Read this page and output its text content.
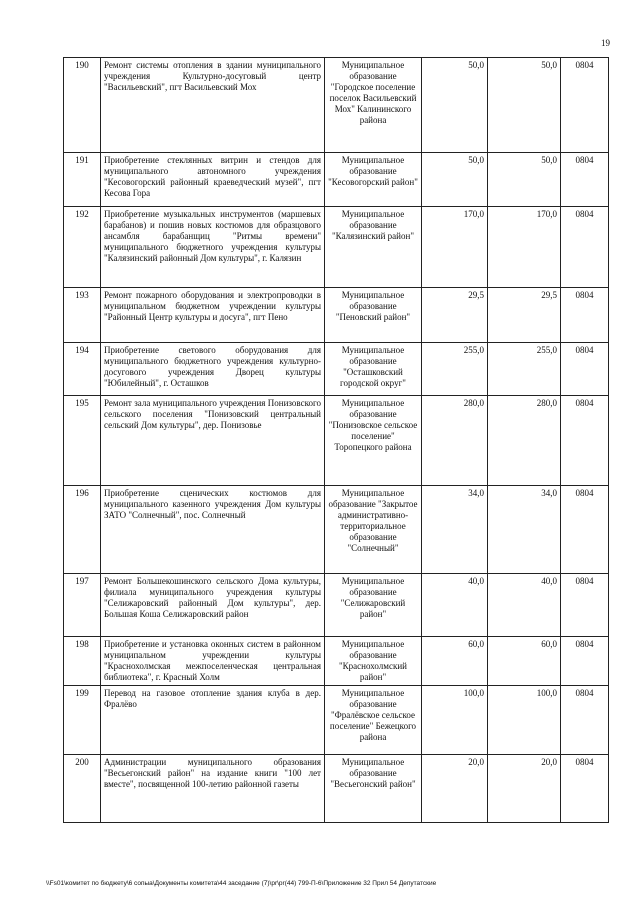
19
190	Ремонт системы отопления в здании муниципального учреждения Культурно-досуговый центр "Васильевский", пгт Васильевский Мох	Муниципальное образование "Городское поселение поселок Васильевский Мох" Калининского района	50,0	50,0	0804
191	Приобретение стеклянных витрин и стендов для муниципального автономного учреждения "Кесовогорский районный краеведческий музей", пгт Кесова Гора	Муниципальное образование "Кесовогорский район"	50,0	50,0	0804
192	Приобретение музыкальных инструментов (маршевых барабанов) и пошив новых костюмов для образцового ансамбля барабанщиц "Ритмы времени" муниципального бюджетного учреждения культуры "Калязинский районный Дом культуры", г. Калязин	Муниципальное образование "Калязинский район"	170,0	170,0	0804
193	Ремонт пожарного оборудования и электропроводки в муниципальном бюджетном учреждении культуры "Районный Центр культуры и досуга", пгт Пено	Муниципальное образование "Пеновский район"	29,5	29,5	0804
194	Приобретение светового оборудования для муниципального бюджетного учреждения культурно-досугового учреждения Дворец культуры "Юбилейный", г. Осташков	Муниципальное образование "Осташковский городской округ"	255,0	255,0	0804
195	Ремонт зала муниципального учреждения Понизовского сельского поселения "Понизовский центральный сельский Дом культуры", дер. Понизовье	Муниципальное образование "Понизовское сельское поселение" Торопецкого района	280,0	280,0	0804
196	Приобретение сценических костюмов для муниципального казенного учреждения Дом культуры ЗАТО "Солнечный", пос. Солнечный	Муниципальное образование "Закрытое административно-территориальное образование "Солнечный"	34,0	34,0	0804
197	Ремонт Большекошинского сельского Дома культуры, филиала муниципального учреждения культуры "Селижаровский районный Дом культуры", дер. Большая Коша Селижаровский район	Муниципальное образование "Селижаровский район"	40,0	40,0	0804
198	Приобретение и установка оконных систем в районном муниципальном учреждении культуры "Краснохолмская межпоселенческая центральная библиотека", г. Красный Холм	Муниципальное образование "Краснохолмский район"	60,0	60,0	0804
199	Перевод на газовое отопление здания клуба в дер. Фралёво	Муниципальное образование "Фралёвское сельское поселение" Бежецкого района	100,0	100,0	0804
200	Администрации муниципального образования "Весьегонский район" на издание книги "100 лет вместе", посвященной 100-летию районной газеты	Муниципальное образование "Весьегонский район"	20,0	20,0	0804
\\Fs01\комитет по бюджету\6 сопыа\Документы комитета\44 заседание (7)\pr\pr(44) 799-П-6\Приложение 32 Прил 54 Депутатские
